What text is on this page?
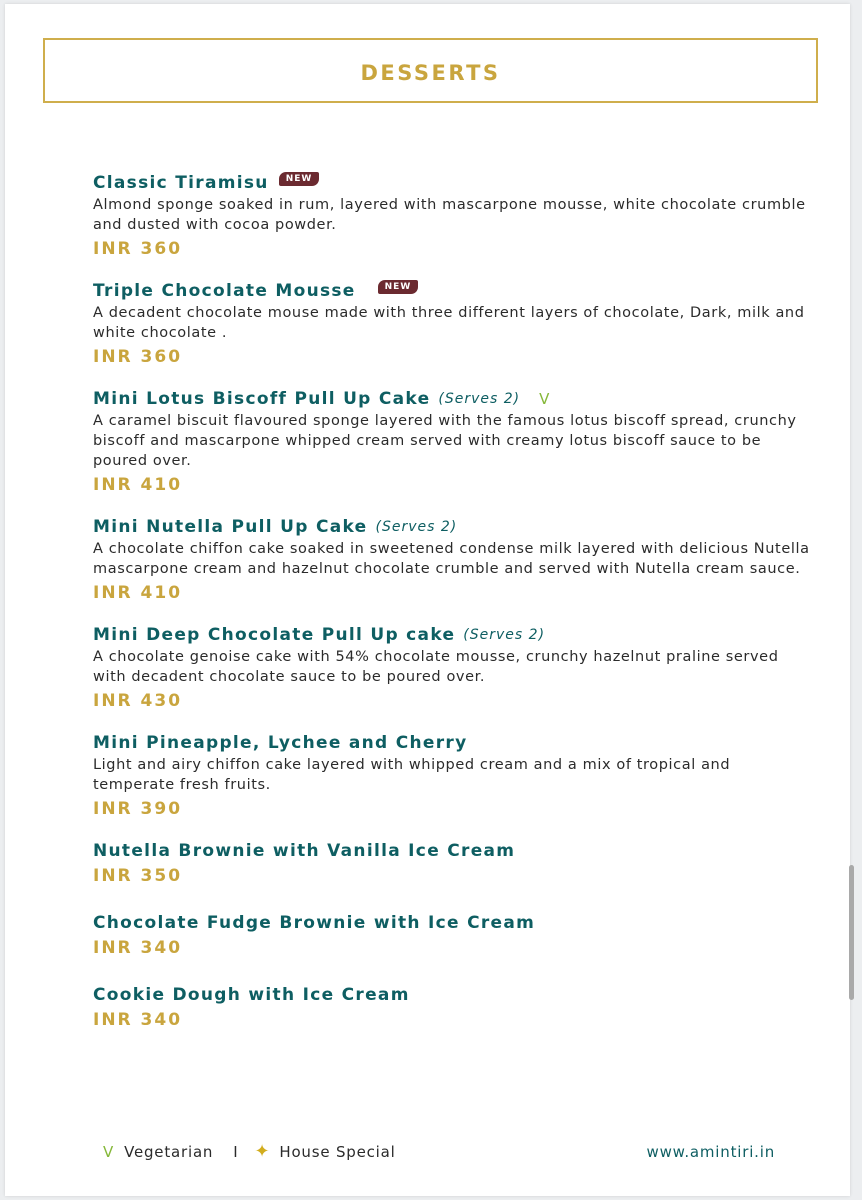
DESSERTS
Classic Tiramisu	NEW
Almond sponge soaked in rum, layered with mascarpone mousse, white chocolate crumble and dusted with cocoa powder.
INR 360
Triple Chocolate Mousse	NEW
A decadent chocolate mouse made with three different layers of chocolate, Dark, milk and white chocolate .
INR 360
Mini Lotus Biscoff Pull Up Cake (Serves 2) V
A caramel biscuit flavoured sponge layered with the famous lotus biscoff spread, crunchy biscoff and mascarpone whipped cream served with creamy lotus biscoff sauce to be poured over.
INR 410
Mini Nutella Pull Up Cake (Serves 2)
A chocolate chiffon cake soaked in sweetened condense milk layered with delicious Nutella mascarpone cream and hazelnut chocolate crumble and served with Nutella cream sauce.
INR 410
Mini Deep Chocolate Pull Up cake (Serves 2)
A chocolate genoise cake with 54% chocolate mousse, crunchy hazelnut praline served with decadent chocolate sauce to be poured over.
INR 430
Mini Pineapple, Lychee and Cherry
Light and airy chiffon cake layered with whipped cream and a mix of tropical and temperate fresh fruits.
INR 390
Nutella Brownie with Vanilla Ice Cream
INR 350
Chocolate Fudge Brownie with Ice Cream
INR 340
Cookie Dough with Ice Cream
INR 340
V Vegetarian I ✦ House Special	www.amintiri.in
